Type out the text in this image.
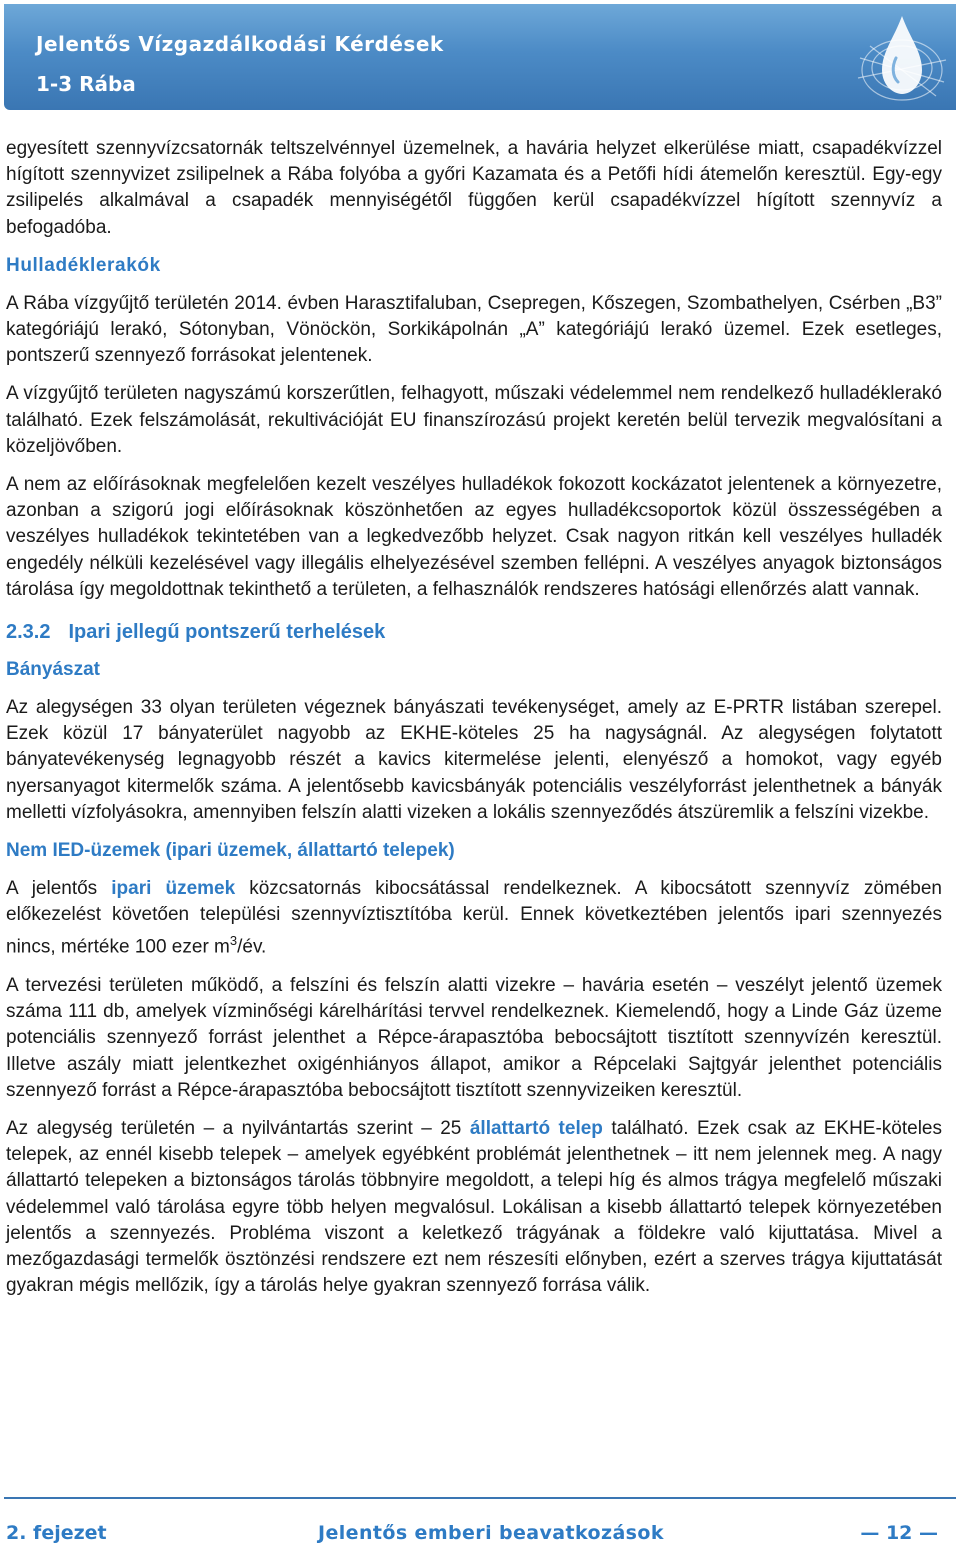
Jelentős Vízgazdálkodási Kérdések
1-3 Rába

egyesített szennyvízcsatornák teltszelvénnyel üzemelnek, a havária helyzet elkerülése miatt, csapadékvízzel hígított szennyvizet zsilipelnek a Rába folyóba a győri Kazamata és a Petőfi hídi átemelőn keresztül. Egy-egy zsilipelés alkalmával a csapadék mennyiségétől függően kerül csapadékvízzel hígított szennyvíz a befogadóba.

Hulladéklerakók

A Rába vízgyűjtő területén 2014. évben Harasztifaluban, Csepregen, Kőszegen, Szombathelyen, Csérben „B3” kategóriájú lerakó, Sótonyban, Vönöckön, Sorkikápolnán „A” kategóriájú lerakó üzemel. Ezek esetleges, pontszerű szennyező forrásokat jelentenek.

A vízgyűjtő területen nagyszámú korszerűtlen, felhagyott, műszaki védelemmel nem rendelkező hulladéklerakó található. Ezek felszámolását, rekultivációját EU finanszírozású projekt keretén belül tervezik megvalósítani a közeljövőben.

A nem az előírásoknak megfelelően kezelt veszélyes hulladékok fokozott kockázatot jelentenek a környezetre, azonban a szigorú jogi előírásoknak köszönhetően az egyes hulladékcsoportok közül összességében a veszélyes hulladékok tekintetében van a legkedvezőbb helyzet. Csak nagyon ritkán kell veszélyes hulladék engedély nélküli kezelésével vagy illegális elhelyezésével szemben fellépni. A veszélyes anyagok biztonságos tárolása így megoldottnak tekinthető a területen, a felhasználók rendszeres hatósági ellenőrzés alatt vannak.

2.3.2 Ipari jellegű pontszerű terhelések
Bányászat

Az alegységen 33 olyan területen végeznek bányászati tevékenységet, amely az E-PRTR listában szerepel. Ezek közül 17 bányaterület nagyobb az EKHE-köteles 25 ha nagyságnál. Az alegységen folytatott bányatevékenység legnagyobb részét a kavics kitermelése jelenti, elenyésző a homokot, vagy egyéb nyersanyagot kitermelők száma. A jelentősebb kavicsbányák potenciális veszélyforrást jelenthetnek a bányák melletti vízfolyásokra, amennyiben felszín alatti vizeken a lokális szennyeződés átszüremlik a felszíni vizekbe.

Nem IED-üzemek (ipari üzemek, állattartó telepek)

A jelentős ipari üzemek közcsatornás kibocsátással rendelkeznek. A kibocsátott szennyvíz zömében előkezelést követően települési szennyvíztisztítóba kerül. Ennek következtében jelentős ipari szennyezés nincs, mértéke 100 ezer $m^3/év$.

A tervezési területen működő, a felszíni és felszín alatti vizekre – havária esetén – veszélyt jelentő üzemek száma 111 db, amelyek vízminőségi kárelhárítási tervvel rendelkeznek. Kiemelendő, hogy a Linde Gáz üzeme potenciális szennyező forrást jelenthet a Répce-árapasztóba bebocsájtott tisztított szennyvízén keresztül. Illetve aszály miatt jelentkezhet oxigénhiányos állapot, amikor a Répcelaki Sajtgyár jelenthet potenciális szennyező forrást a Répce-árapasztóba bebocsájtott tisztított szennyvizeiken keresztül.

Az alegység területén – a nyilvántartás szerint – 25 állattartó telep található. Ezek csak az EKHE-köteles telepek, az ennél kisebb telepek – amelyek egyébként problémát jelenthetnek – itt nem jelennek meg. A nagy állattartó telepeken a biztonságos tárolás többnyire megoldott, a telepi híg és almos trágya megfelelő műszaki védelemmel való tárolása egyre több helyen megvalósul. Lokálisan a kisebb állattartó telepek környezetében jelentős a szennyezés. Probléma viszont a keletkező trágyának a földekre való kijuttatása. Mivel a mezőgazdasági termelők ösztönzési rendszere ezt nem részesíti előnyben, ezért a szerves trágya kijuttatását gyakran mégis mellőzik, így a tárolás helye gyakran szennyező forrása válik.

2. fejezet	Jelentős emberi beavatkozások	— 12 —
